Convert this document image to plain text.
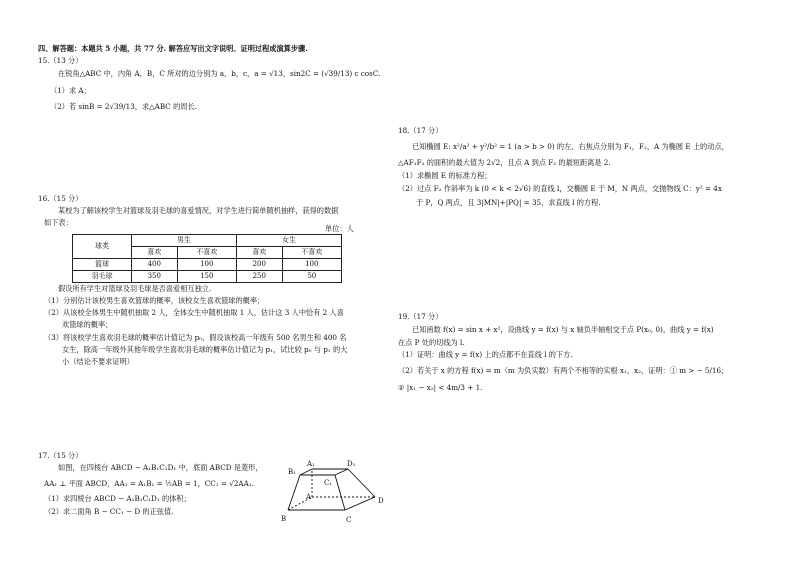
四、解答题：本题共 5 小题，共 77 分. 解答应写出文字说明、证明过程或演算步骤.
15.（13 分）
在锐角△ABC 中，内角 A，B，C 所对的边分别为 a，b，c，a = √13，sin2C = (√39/13) c cosC.
（1）求 A；
（2）若 sinB = 2√39/13，求△ABC 的周长.
16.（15 分）
某校为了解该校学生对篮球及羽毛球的喜爱情况，对学生进行简单随机抽样，获得的数据
如下表：
单位：人
球类	男生		女生	
	喜欢	不喜欢	喜欢	不喜欢
篮球	400	100	200	100
羽毛球	350	150	250	50
假设所有学生对篮球及羽毛球是否喜爱相互独立.
（1）分别估计该校男生喜欢篮球的概率，该校女生喜欢篮球的概率；
（2）从该校全体男生中随机抽取 2 人，全体女生中随机抽取 1 人，估计这 3 人中恰有 2 人喜
欢篮球的概率；
（3）将该校学生喜欢羽毛球的概率估计值记为 p₀，假设该校高一年级有 500 名男生和 400 名
女生，除高一年级外其他年级学生喜欢羽毛球的概率估计值记为 p₁，试比较 p₀ 与 p₁ 的大
小（结论不要求证明）
17.（15 分）
如图，在四棱台 ABCD − A₁B₁C₁D₁ 中，底面 ABCD 是菱形，
AA₁ ⊥ 平面 ABCD，AA₁ = A₁B₁ = ½AB = 1，CC₁ = √2AA₁.
（1）求四棱台 ABCD − A₁B₁C₁D₁ 的体积；
（2）求二面角 B − CC₁ − D 的正弦值.
A₁	D₁
B₁
C₁
A	D
B	C
18.（17 分）
已知椭圆 E: x²/a² + y²/b² = 1 (a > b > 0) 的左、右焦点分别为 F₁，F₂，A 为椭圆 E 上的动点，
△AF₁F₂ 的面积的最大值为 2√2，且点 A 到点 F₂ 的最短距离是 2.
（1）求椭圆 E 的标准方程；
（2）过点 F₂ 作斜率为 k (0 < k < 2√6) 的直线 l，交椭圆 E 于 M，N 两点，交抛物线 C：y² = 4x
于 P，Q 两点，且 3|MN|+|PQ| = 35，求直线 l 的方程.
19.（17 分）
已知函数 f(x) = sin x + x²，设曲线 y = f(x) 与 x 轴负半轴相交于点 P(x₀, 0)，曲线 y = f(x)
在点 P 处的切线为 l.
（1）证明：曲线 y = f(x) 上的点都不在直线 l 的下方.
（2）若关于 x 的方程 f(x) = m（m 为负实数）有两个不相等的实根 x₁，x₂，证明：① m > − 5/16；
② |x₁ − x₂| < 4m/3 + 1.
